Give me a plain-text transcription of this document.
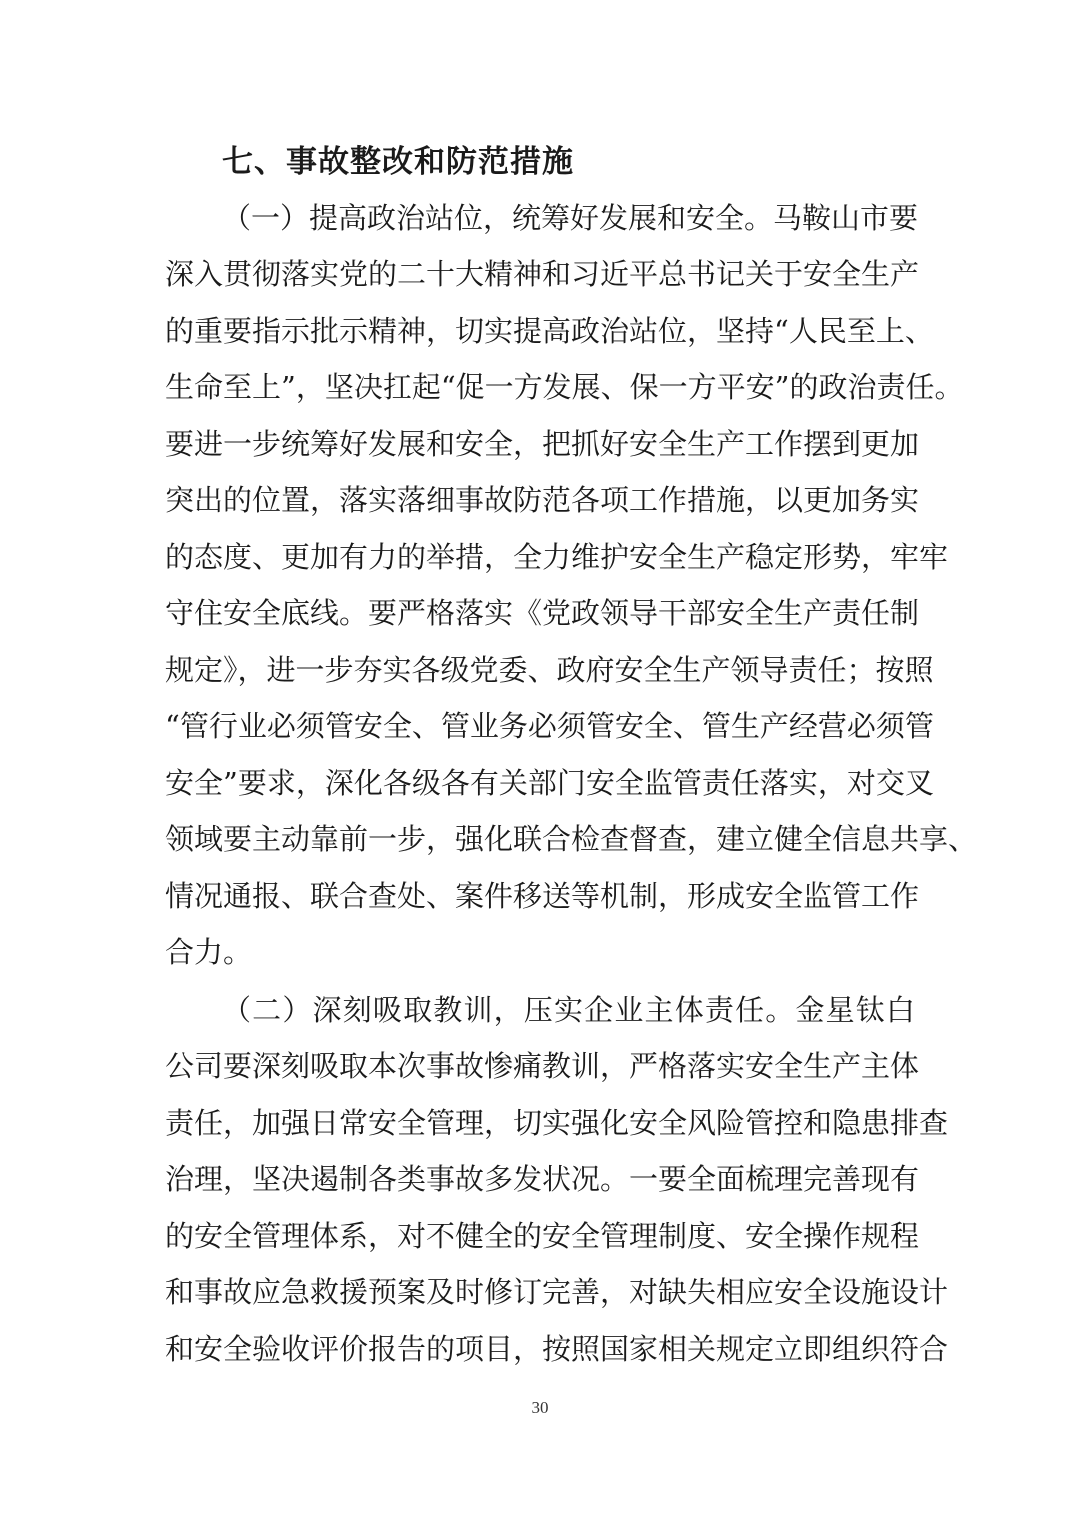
七、事故整改和防范措施
（一）提高政治站位，统筹好发展和安全。马鞍山市要
深入贯彻落实党的二十大精神和习近平总书记关于安全生产
的重要指示批示精神，切实提高政治站位，坚持“人民至上、
生命至上”，坚决扛起“促一方发展、保一方平安”的政治责任。
要进一步统筹好发展和安全，把抓好安全生产工作摆到更加
突出的位置，落实落细事故防范各项工作措施，以更加务实
的态度、更加有力的举措，全力维护安全生产稳定形势，牢牢
守住安全底线。要严格落实《党政领导干部安全生产责任制
规定》，进一步夯实各级党委、政府安全生产领导责任；按照
“管行业必须管安全、管业务必须管安全、管生产经营必须管
安全”要求，深化各级各有关部门安全监管责任落实，对交叉
领域要主动靠前一步，强化联合检查督查，建立健全信息共享、
情况通报、联合查处、案件移送等机制，形成安全监管工作
合力。
（二）深刻吸取教训，压实企业主体责任。金星钛白
公司要深刻吸取本次事故惨痛教训，严格落实安全生产主体
责任，加强日常安全管理，切实强化安全风险管控和隐患排查
治理，坚决遏制各类事故多发状况。一要全面梳理完善现有
的安全管理体系，对不健全的安全管理制度、安全操作规程
和事故应急救援预案及时修订完善，对缺失相应安全设施设计
和安全验收评价报告的项目，按照国家相关规定立即组织符合
30
